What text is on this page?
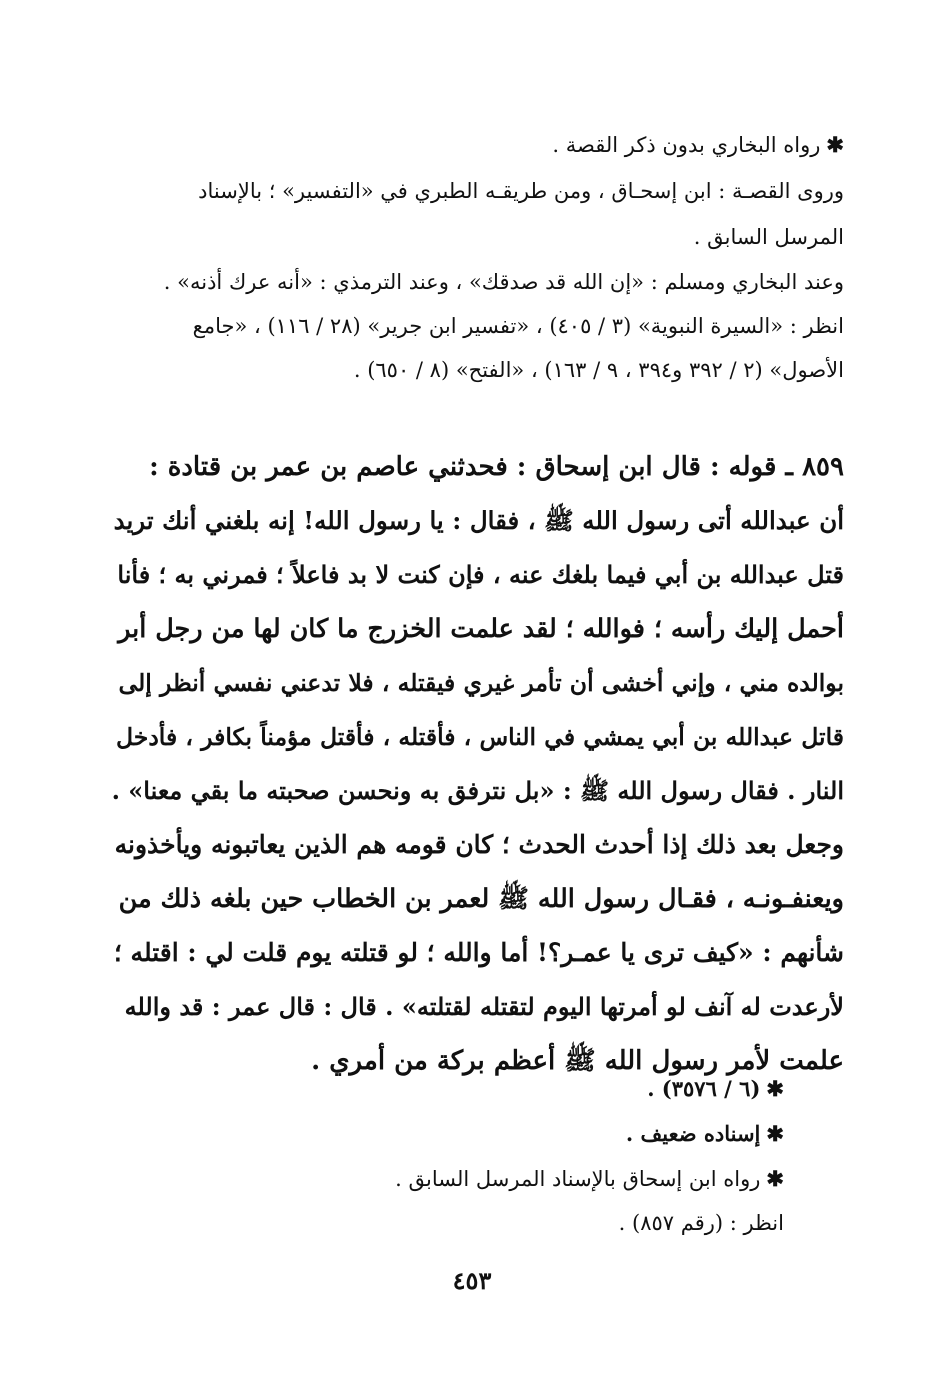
✱رواه البخاري بدون ذكر القصة .
وروى القصـة : ابن إسحـاق ، ومن طريقـه الطبري في «التفسير» ؛ بالإسناد
المرسل السابق .
وعند البخاري ومسلم : «إن الله قد صدقك» ، وعند الترمذي : «أنه عرك أذنه» .
انظر : «السيرة النبوية» (٣ / ٤٠٥) ، «تفسير ابن جرير» (٢٨ / ١١٦) ، «جامع
الأصول» (٢ / ٣٩٢ و٣٩٤ ، ٩ / ١٦٣) ، «الفتح» (٨ / ٦٥٠) .
٨٥٩ ـ قوله : قال ابن إسحاق : فحدثني عاصم بن عمر بن قتادة :
أن عبدالله أتى رسول الله ﷺ ، فقال : يا رسول الله! إنه بلغني أنك تريد
قتل عبدالله بن أبي فيما بلغك عنه ، فإن كنت لا بد فاعلاً ؛ فمرني به ؛ فأنا
أحمل إليك رأسه ؛ فوالله ؛ لقد علمت الخزرج ما كان لها من رجل أبر
بوالده مني ، وإني أخشى أن تأمر غيري فيقتله ، فلا تدعني نفسي أنظر إلى
قاتل عبدالله بن أبي يمشي في الناس ، فأقتله ، فأقتل مؤمناً بكافر ، فأدخل
النار . فقال رسول الله ﷺ : «بل نترفق به ونحسن صحبته ما بقي معنا» .
وجعل بعد ذلك إذا أحدث الحدث ؛ كان قومه هم الذين يعاتبونه ويأخذونه
ويعنفـونـه ، فقـال رسول الله ﷺ لعمر بن الخطاب حين بلغه ذلك من
شأنهم : «كيف ترى يا عمـر؟! أما والله ؛ لو قتلته يوم قلت لي : اقتله ؛
لأرعدت له آنف لو أمرتها اليوم لتقتله لقتلته» . قال : قال عمر : قد والله
علمت لأمر رسول الله ﷺ أعظم بركة من أمري .
✱(٦ / ٣٥٧٦) .
✱إسناده ضعيف .
✱رواه ابن إسحاق بالإسناد المرسل السابق .
انظر : (رقم ٨٥٧) .
٤٥٣
